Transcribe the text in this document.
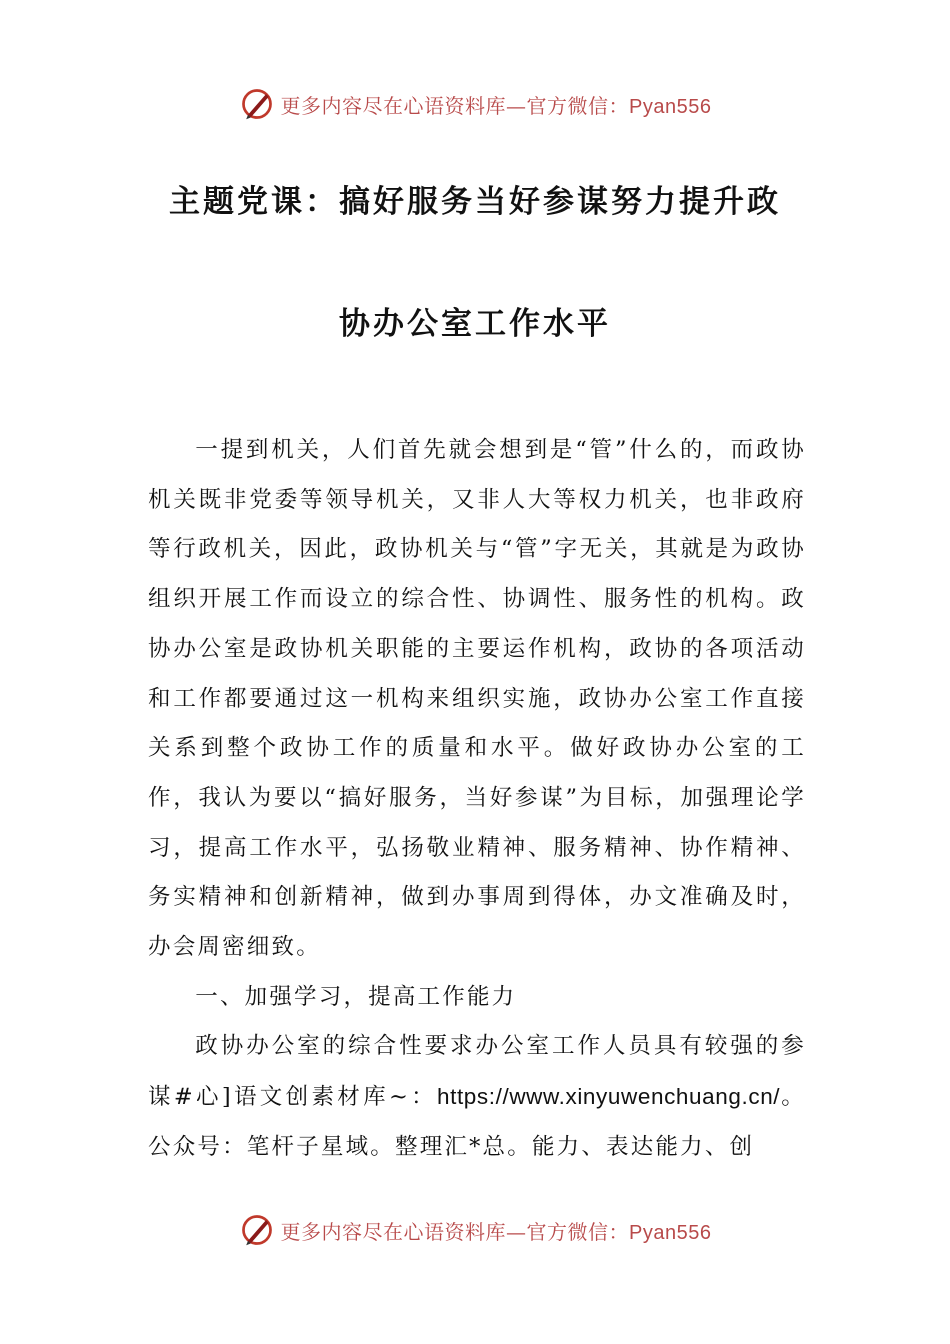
更多内容尽在心语资料库—官方微信：Pyan556
主题党课：搞好服务当好参谋努力提升政
协办公室工作水平

一提到机关，人们首先就会想到是“管”什么的，而政协机关既非党委等领导机关，又非人大等权力机关，也非政府等行政机关，因此，政协机关与“管”字无关，其就是为政协组织开展工作而设立的综合性、协调性、服务性的机构。政协办公室是政协机关职能的主要运作机构，政协的各项活动和工作都要通过这一机构来组织实施，政协办公室工作直接关系到整个政协工作的质量和水平。做好政协办公室的工作，我认为要以“搞好服务，当好参谋”为目标，加强理论学习，提高工作水平，弘扬敬业精神、服务精神、协作精神、务实精神和创新精神，做到办事周到得体，办文准确及时，办会周密细致。

一、加强学习，提高工作能力

政协办公室的综合性要求办公室工作人员具有较强的参谋#心]语文创素材库~：https://www.xinyuwenchuang.cn/。公众号：笔杆子星域。整理汇*总。能力、表达能力、创

更多内容尽在心语资料库—官方微信：Pyan556
